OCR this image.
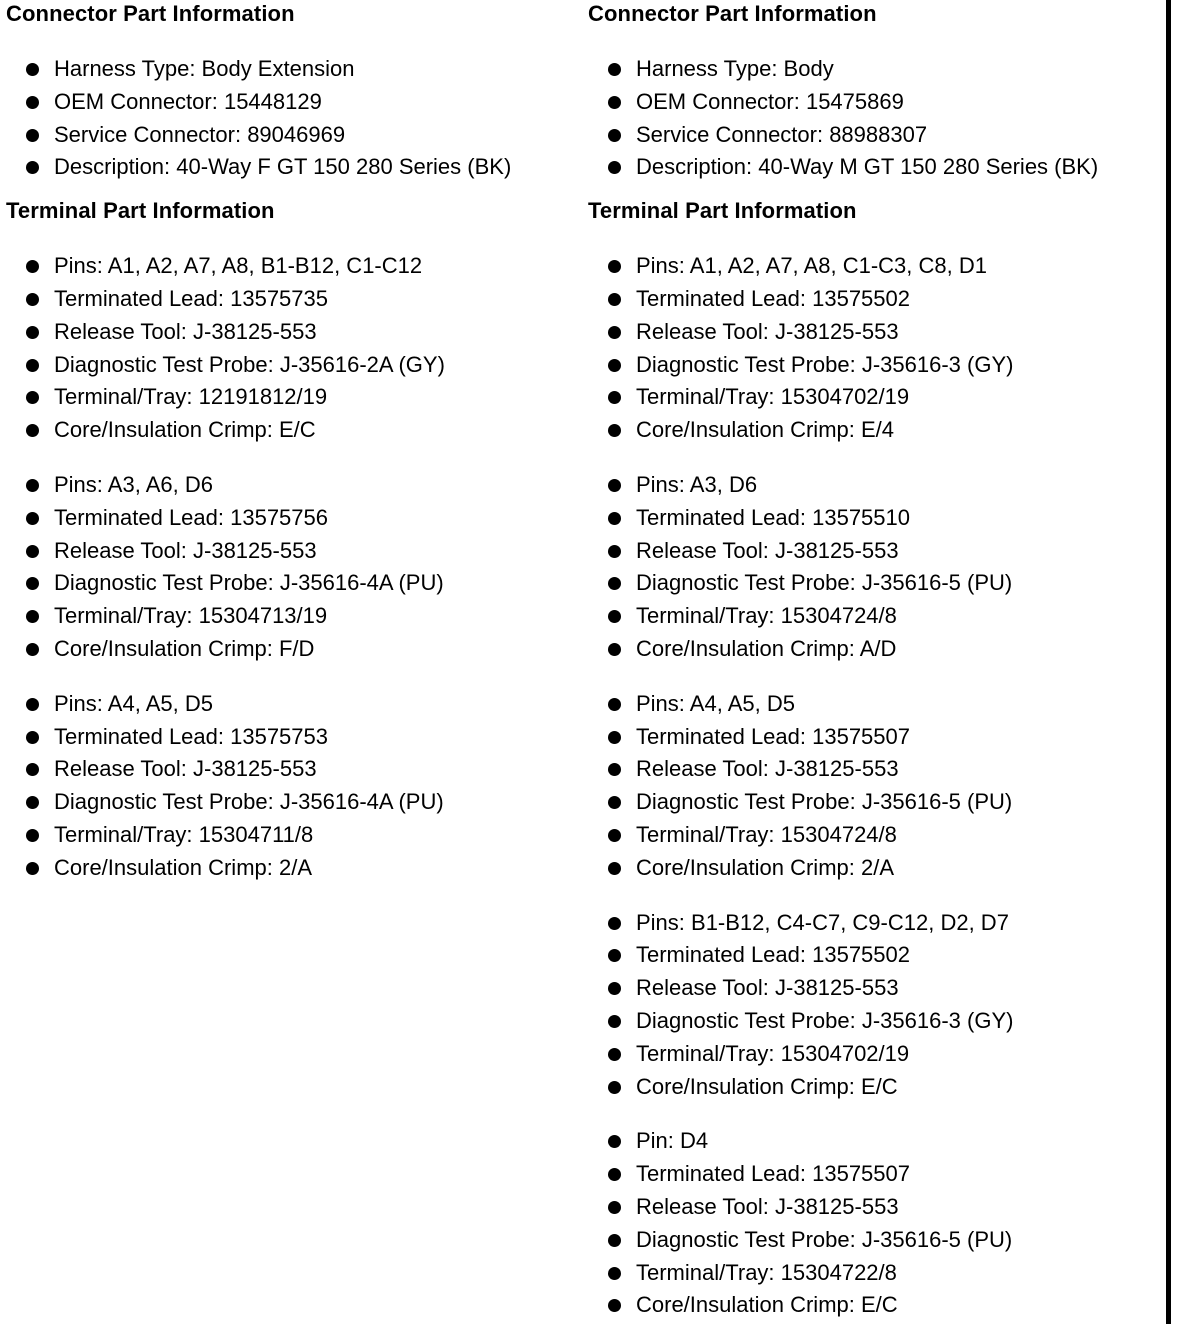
Connector Part Information
Harness Type: Body Extension
OEM Connector: 15448129
Service Connector: 89046969
Description: 40-Way F GT 150 280 Series (BK)
Terminal Part Information
Pins: A1, A2, A7, A8, B1-B12, C1-C12
Terminated Lead: 13575735
Release Tool: J-38125-553
Diagnostic Test Probe: J-35616-2A (GY)
Terminal/Tray: 12191812/19
Core/Insulation Crimp: E/C
Pins: A3, A6, D6
Terminated Lead: 13575756
Release Tool: J-38125-553
Diagnostic Test Probe: J-35616-4A (PU)
Terminal/Tray: 15304713/19
Core/Insulation Crimp: F/D
Pins: A4, A5, D5
Terminated Lead: 13575753
Release Tool: J-38125-553
Diagnostic Test Probe: J-35616-4A (PU)
Terminal/Tray: 15304711/8
Core/Insulation Crimp: 2/A
Connector Part Information
Harness Type: Body
OEM Connector: 15475869
Service Connector: 88988307
Description: 40-Way M GT 150 280 Series (BK)
Terminal Part Information
Pins: A1, A2, A7, A8, C1-C3, C8, D1
Terminated Lead: 13575502
Release Tool: J-38125-553
Diagnostic Test Probe: J-35616-3 (GY)
Terminal/Tray: 15304702/19
Core/Insulation Crimp: E/4
Pins: A3, D6
Terminated Lead: 13575510
Release Tool: J-38125-553
Diagnostic Test Probe: J-35616-5 (PU)
Terminal/Tray: 15304724/8
Core/Insulation Crimp: A/D
Pins: A4, A5, D5
Terminated Lead: 13575507
Release Tool: J-38125-553
Diagnostic Test Probe: J-35616-5 (PU)
Terminal/Tray: 15304724/8
Core/Insulation Crimp: 2/A
Pins: B1-B12, C4-C7, C9-C12, D2, D7
Terminated Lead: 13575502
Release Tool: J-38125-553
Diagnostic Test Probe: J-35616-3 (GY)
Terminal/Tray: 15304702/19
Core/Insulation Crimp: E/C
Pin: D4
Terminated Lead: 13575507
Release Tool: J-38125-553
Diagnostic Test Probe: J-35616-5 (PU)
Terminal/Tray: 15304722/8
Core/Insulation Crimp: E/C
